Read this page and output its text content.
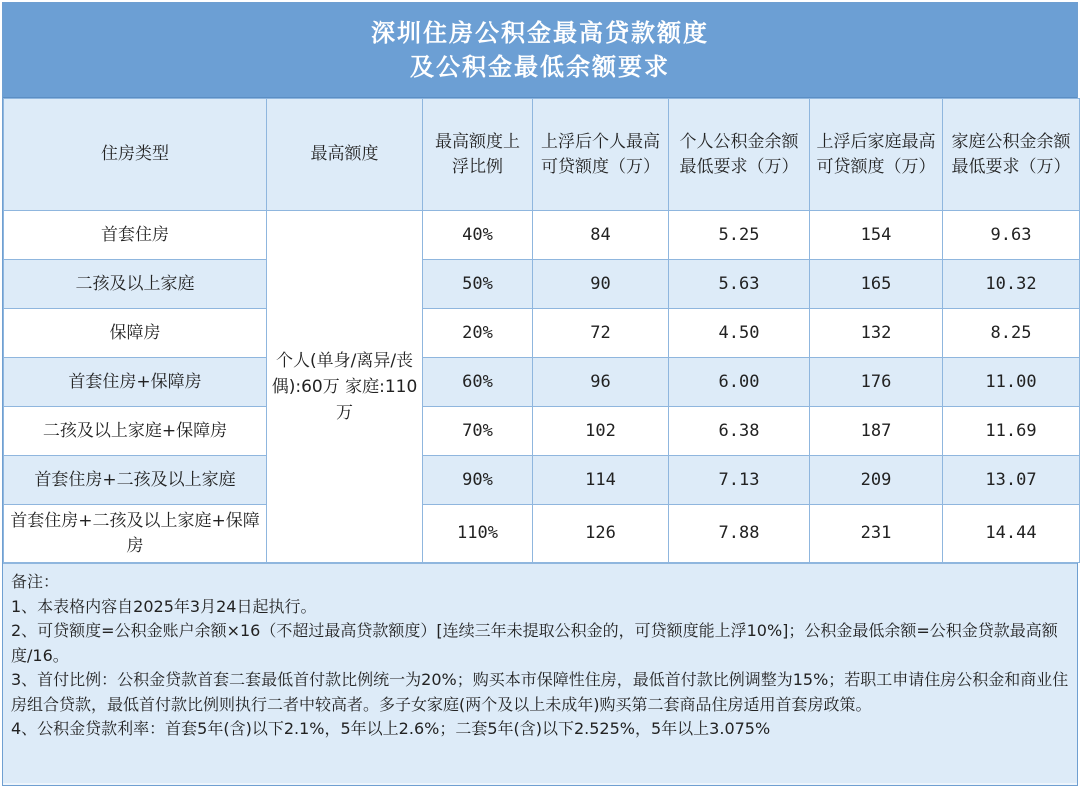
深圳住房公积金最高贷款额度
及公积金最低余额要求
住房类型	最高额度	最高额度上浮比例	上浮后个人最高可贷额度（万）	个人公积金余额最低要求（万）	上浮后家庭最高可贷额度（万）	家庭公积金余额最低要求（万）
首套住房	个人(单身/离异/丧偶):60万 家庭:110万	40%	84	5.25	154	9.63
二孩及以上家庭		50%	90	5.63	165	10.32
保障房		20%	72	4.50	132	8.25
首套住房+保障房		60%	96	6.00	176	11.00
二孩及以上家庭+保障房		70%	102	6.38	187	11.69
首套住房+二孩及以上家庭		90%	114	7.13	209	13.07
首套住房+二孩及以上家庭+保障房		110%	126	7.88	231	14.44

备注：

1、本表格内容自2025年3月24日起执行。

2、可贷额度=公积金账户余额×16（不超过最高贷款额度）[连续三年未提取公积金的，可贷额度能上浮10%]；公积金最低余额=公积金贷款最高额度/16。

3、首付比例：公积金贷款首套二套最低首付款比例统一为20%；购买本市保障性住房，最低首付款比例调整为15%；若职工申请住房公积金和商业住房组合贷款，最低首付款比例则执行二者中较高者。多子女家庭(两个及以上未成年)购买第二套商品住房适用首套房政策。

4、公积金贷款利率：首套5年(含)以下2.1%，5年以上2.6%；二套5年(含)以下2.525%，5年以上3.075%
